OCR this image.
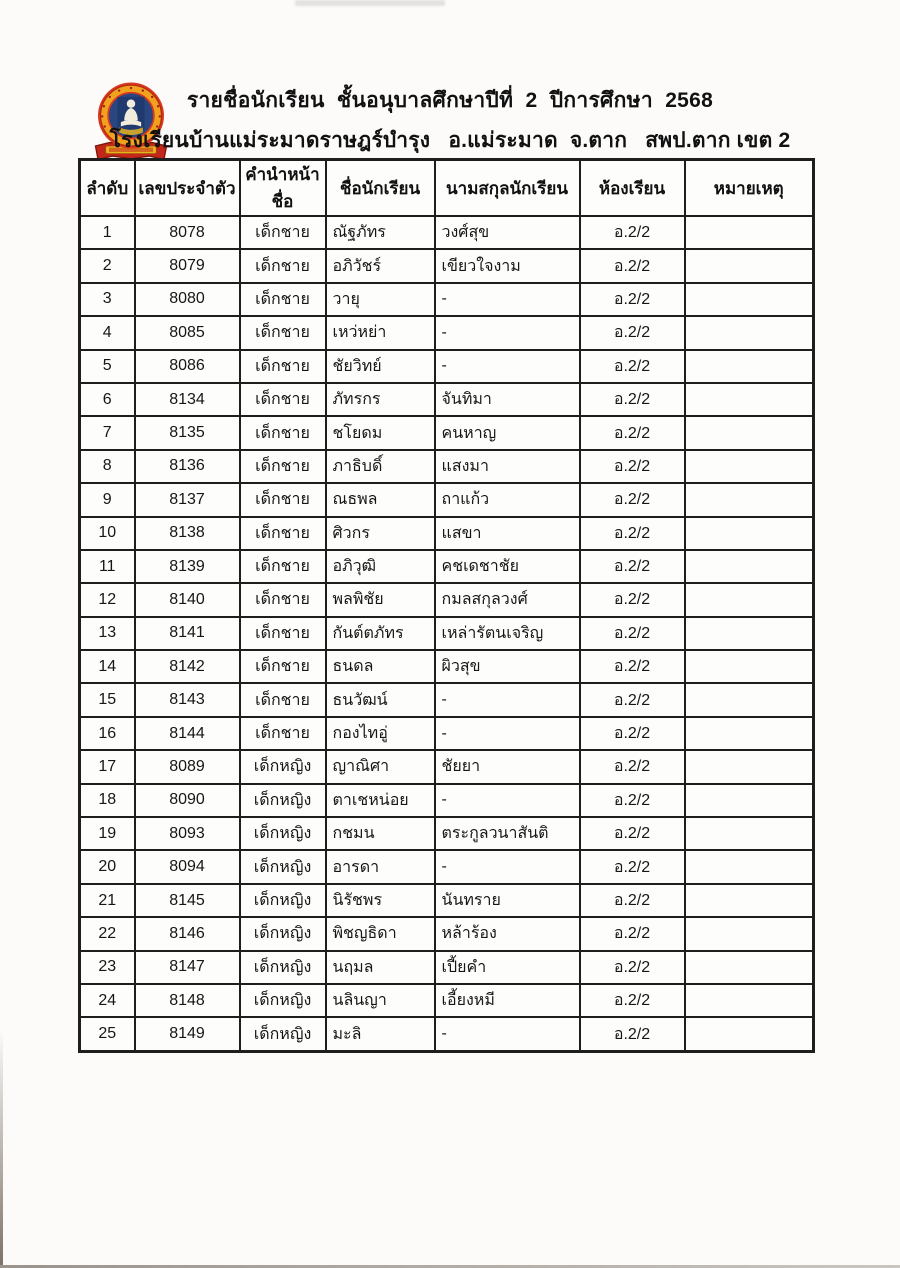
รายชื่อนักเรียน  ชั้นอนุบาลศึกษาปีที่  2  ปีการศึกษา  2568
โรงเรียนบ้านแม่ระมาดราษฎร์บำรุง   อ.แม่ระมาด  จ.ตาก   สพป.ตาก เขต 2
ลำดับ	เลขประจำตัว	คำนำหน้าชื่อ	ชื่อนักเรียน	นามสกุลนักเรียน	ห้องเรียน	หมายเหตุ
1	8078	เด็กชาย	ณัฐภัทร	วงศ์สุข	อ.2/2	
2	8079	เด็กชาย	อภิวัชร์	เขียวใจงาม	อ.2/2	
3	8080	เด็กชาย	วายุ	-	อ.2/2	
4	8085	เด็กชาย	เหว่หย่า	-	อ.2/2	
5	8086	เด็กชาย	ชัยวิทย์	-	อ.2/2	
6	8134	เด็กชาย	ภัทรกร	จันทิมา	อ.2/2	
7	8135	เด็กชาย	ชโยดม	คนหาญ	อ.2/2	
8	8136	เด็กชาย	ภาธิบดิ์	แสงมา	อ.2/2	
9	8137	เด็กชาย	ณธพล	ถาแก้ว	อ.2/2	
10	8138	เด็กชาย	ศิวกร	แสขา	อ.2/2	
11	8139	เด็กชาย	อภิวุฒิ	คชเดชาชัย	อ.2/2	
12	8140	เด็กชาย	พลพิชัย	กมลสกุลวงศ์	อ.2/2	
13	8141	เด็กชาย	กันต์ตภัทร	เหล่ารัตนเจริญ	อ.2/2	
14	8142	เด็กชาย	ธนดล	ผิวสุข	อ.2/2	
15	8143	เด็กชาย	ธนวัฒน์	-	อ.2/2	
16	8144	เด็กชาย	กองไทอู่	-	อ.2/2	
17	8089	เด็กหญิง	ญาณิศา	ชัยยา	อ.2/2	
18	8090	เด็กหญิง	ตาเชหน่อย	-	อ.2/2	
19	8093	เด็กหญิง	กชมน	ตระกูลวนาสันติ	อ.2/2	
20	8094	เด็กหญิง	อารดา	-	อ.2/2	
21	8145	เด็กหญิง	นิรัชพร	นันทราย	อ.2/2	
22	8146	เด็กหญิง	พิชญธิดา	หล้าร้อง	อ.2/2	
23	8147	เด็กหญิง	นฤมล	เปี้ยคำ	อ.2/2	
24	8148	เด็กหญิง	นลินญา	เอี้ยงหมี	อ.2/2	
25	8149	เด็กหญิง	มะลิ	-	อ.2/2	
